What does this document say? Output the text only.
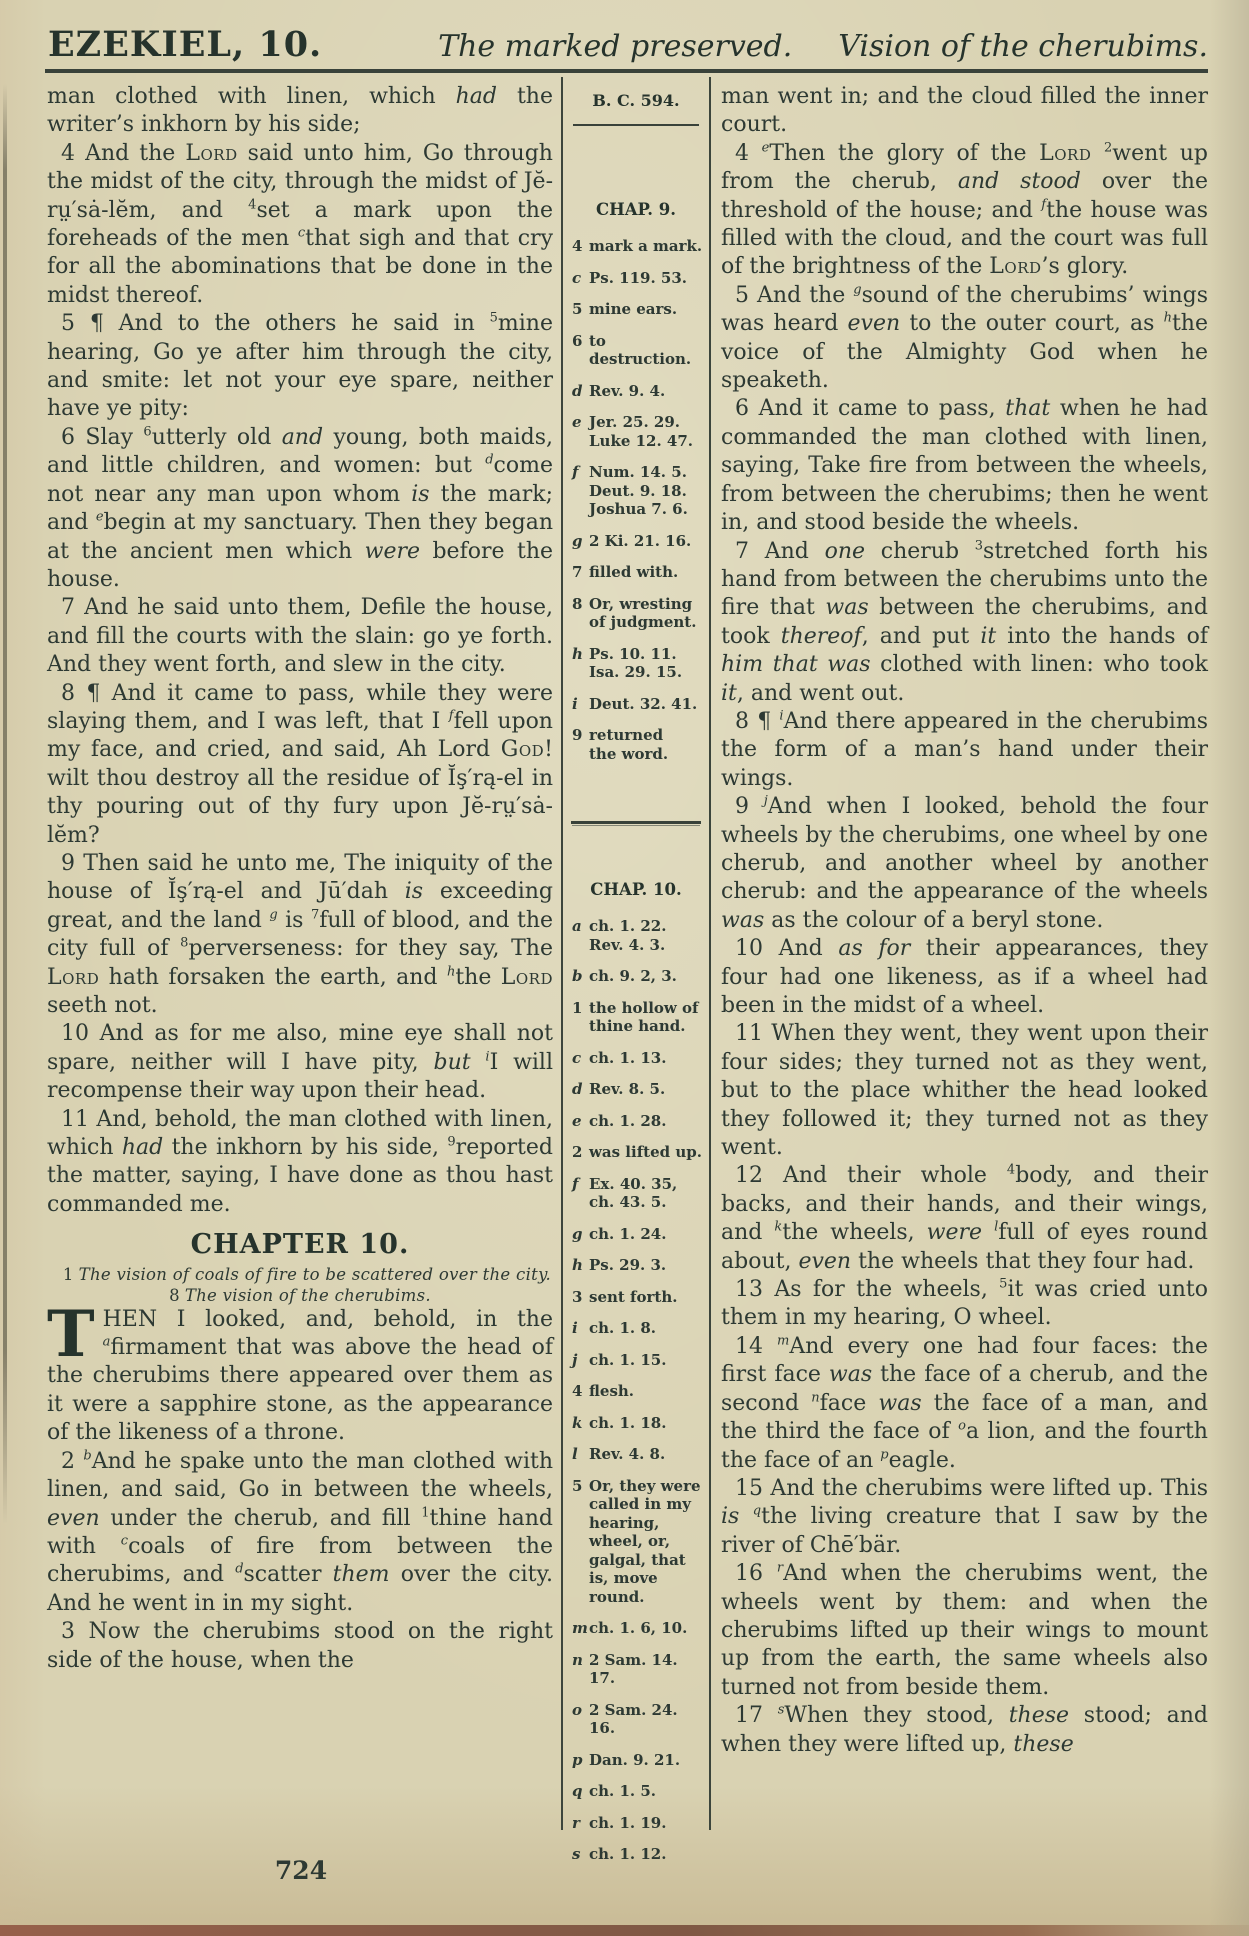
EZEKIEL, 10.	The marked preserved. Vision of the cherubims.

man clothed with linen, which had the writer’s inkhorn by his side;

4 And the Lord said unto him, Go through the midst of the city, through the midst of Jĕ-rṳ′sȧ-lĕm, and $^4$set a mark upon the foreheads of the men $^c$that sigh and that cry for all the abominations that be done in the midst thereof.

5 ¶ And to the others he said in $^5$mine hearing, Go ye after him through the city, and smite: let not your eye spare, neither have ye pity:

6 Slay $^6$utterly old and young, both maids, and little children, and women: but $^d$come not near any man upon whom is the mark; and $^e$begin at my sanctuary. Then they began at the ancient men which were before the house.

7 And he said unto them, Defile the house, and fill the courts with the slain: go ye forth. And they went forth, and slew in the city.

8 ¶ And it came to pass, while they were slaying them, and I was left, that I $^f$fell upon my face, and cried, and said, Ah Lord God! wilt thou destroy all the residue of Ĭş′rą-el in thy pouring out of thy fury upon Jĕ-rṳ′sȧ-lĕm?

9 Then said he unto me, The iniquity of the house of Ĭş′rą-el and Jū′dah is exceeding great, and the land $^g$ is $^7$full of blood, and the city full of $^8$perverseness: for they say, The Lord hath forsaken the earth, and $^h$the Lord seeth not.

10 And as for me also, mine eye shall not spare, neither will I have pity, but $^i$I will recompense their way upon their head.

11 And, behold, the man clothed with linen, which had the inkhorn by his side, $^9$reported the matter, saying, I have done as thou hast commanded me.

CHAPTER 10.

1 The vision of coals of fire to be scattered over the city. 8 The vision of the cherubims.

THEN I looked, and, behold, in the $^a$firmament that was above the head of the cherubims there appeared over them as it were a sapphire stone, as the appearance of the likeness of a throne.

2 $^b$And he spake unto the man clothed with linen, and said, Go in between the wheels, even under the cherub, and fill $^1$thine hand with $^c$coals of fire from between the cherubims, and $^d$scatter them over the city. And he went in in my sight.

3 Now the cherubims stood on the right side of the house, when the

B. C. 594.
CHAP. 9.
4 mark a mark.
c Ps. 119. 53.
5 mine ears.
6 to destruction.
d Rev. 9. 4.
e Jer. 25. 29.
Luke 12. 47.
f Num. 14. 5.
Deut. 9. 18.
Joshua 7. 6.
g 2 Ki. 21. 16.
7 filled with.
8 Or, wresting
of judgment.
h Ps. 10. 11.
Isa. 29. 15.
i Deut. 32. 41.
9 returned
the word.
CHAP. 10.
a ch. 1. 22.
Rev. 4. 3.
b ch. 9. 2, 3.
1 the hollow of
thine hand.
c ch. 1. 13.
d Rev. 8. 5.
e ch. 1. 28.
2 was lifted up.
f Ex. 40. 35,
ch. 43. 5.
g ch. 1. 24.
h Ps. 29. 3.
3 sent forth.
i ch. 1. 8.
j ch. 1. 15.
4 flesh.
k ch. 1. 18.
l Rev. 4. 8.
5 Or, they were
called in my
hearing,
wheel, or,
galgal, that
is, move
round.
m ch. 1. 6, 10.
n 2 Sam. 14. 17.
o 2 Sam. 24. 16.
p Dan. 9. 21.
q ch. 1. 5.
r ch. 1. 19.
s ch. 1. 12.

man went in; and the cloud filled the inner court.

4 $^e$Then the glory of the Lord $^2$went up from the cherub, and stood over the threshold of the house; and $^f$the house was filled with the cloud, and the court was full of the brightness of the Lord’s glory.

5 And the $^g$sound of the cherubims’ wings was heard even to the outer court, as $^h$the voice of the Almighty God when he speaketh.

6 And it came to pass, that when he had commanded the man clothed with linen, saying, Take fire from between the wheels, from between the cherubims; then he went in, and stood beside the wheels.

7 And one cherub $^3$stretched forth his hand from between the cherubims unto the fire that was between the cherubims, and took thereof, and put it into the hands of him that was clothed with linen: who took it, and went out.

8 ¶ $^i$And there appeared in the cherubims the form of a man’s hand under their wings.

9 $^j$And when I looked, behold the four wheels by the cherubims, one wheel by one cherub, and another wheel by another cherub: and the appearance of the wheels was as the colour of a beryl stone.

10 And as for their appearances, they four had one likeness, as if a wheel had been in the midst of a wheel.

11 When they went, they went upon their four sides; they turned not as they went, but to the place whither the head looked they followed it; they turned not as they went.

12 And their whole $^4$body, and their backs, and their hands, and their wings, and $^k$the wheels, were $^l$full of eyes round about, even the wheels that they four had.

13 As for the wheels, $^5$it was cried unto them in my hearing, O wheel.

14 $^m$And every one had four faces: the first face was the face of a cherub, and the second $^n$face was the face of a man, and the third the face of $^o$a lion, and the fourth the face of an $^p$eagle.

15 And the cherubims were lifted up. This is $^q$the living creature that I saw by the river of Chē′bär.

16 $^r$And when the cherubims went, the wheels went by them: and when the cherubims lifted up their wings to mount up from the earth, the same wheels also turned not from beside them.

17 $^s$When they stood, these stood; and when they were lifted up, these

724
